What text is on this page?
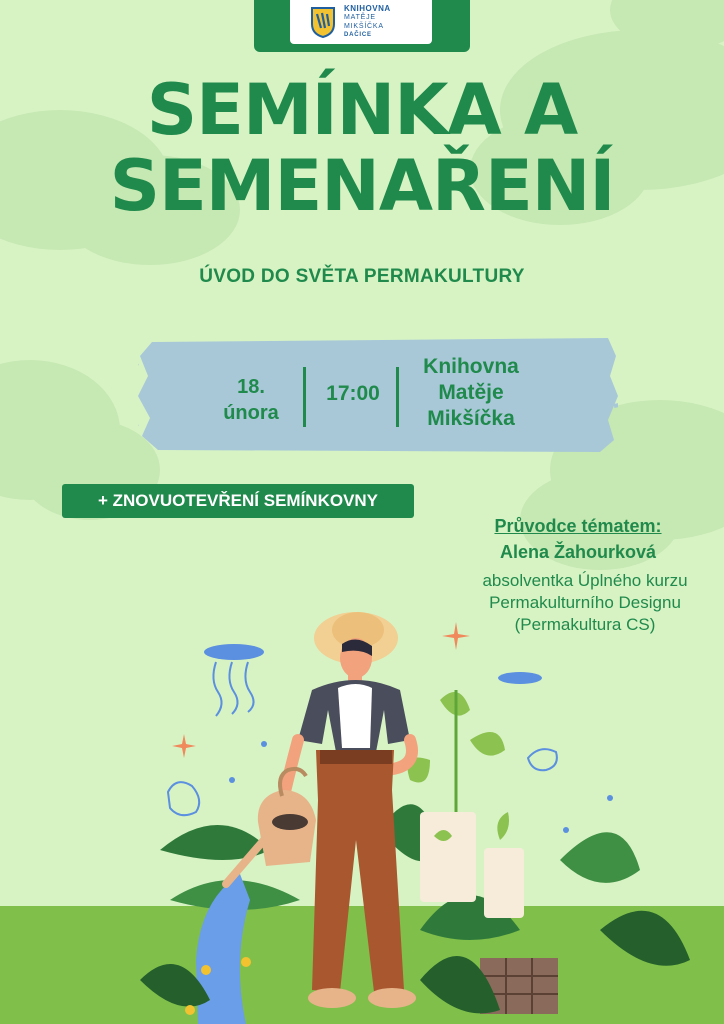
KNIHOVNA
MATĚJE
MIKŠÍČKA
DAČICE
SEMÍNKA A
SEMENAŘENÍ
ÚVOD DO SVĚTA PERMAKULTURY
18.
února
17:00
Knihovna
Matěje
Mikšíčka
+ ZNOVUOTEVŘENÍ SEMÍNKOVNY
Průvodce tématem:
Alena Žahourková
absolventka Úplného kurzu
Permakulturního Designu
(Permakultura CS)
